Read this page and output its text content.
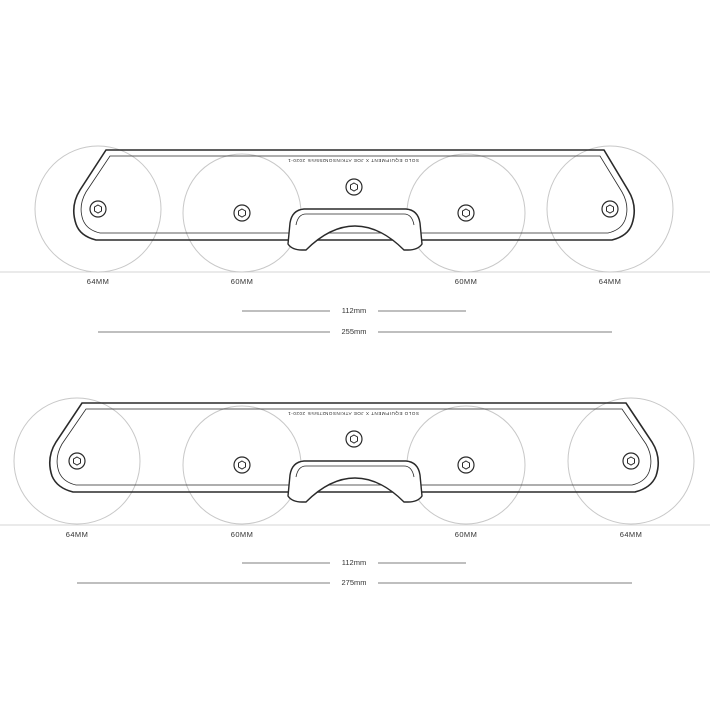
SOLO EQUIPMENT X JOE ATKINSON
255mm
2020-1
64MM	60MM	60MM	64MM
112mm
255mm
SOLO EQUIPMENT X JOE ATKINSON
275mm
2020-1
64MM	60MM	60MM	64MM
112mm
275mm
